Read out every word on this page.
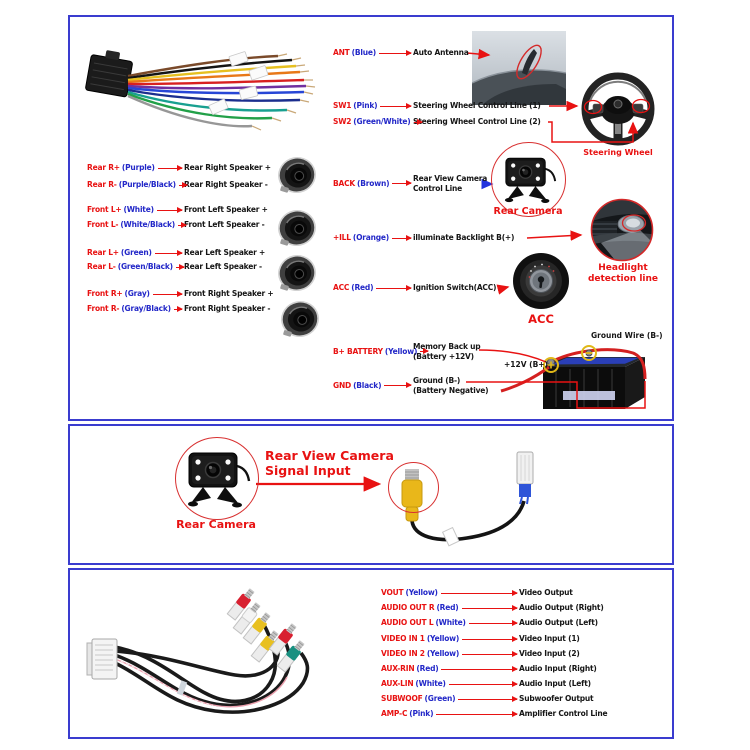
Rear R+ (Purple)	Rear Right Speaker +
Rear R- (Purple/Black) Rear Right Speaker -
Front L+ (White)	Front Left Speaker +
Front L- (White/Black) Front Left Speaker -
Rear L+ (Green)	Rear Left Speaker +
Rear L- (Green/Black) Rear Left Speaker -
Front R+ (Gray)	Front Right Speaker +
Front R- (Gray/Black) Front Right Speaker -
ANT (Blue)	Auto Antenna
SW1 (Pink)	Steering Wheel Control Line (1)
SW2 (Green/White) Steering Wheel Control Line (2)
BACK (Brown)	Rear View Camera
Control Line
+ILL (Orange)	illuminate Backlight B(+)
ACC (Red)	Ignition Switch(ACC)
B+ BATTERY (Yellow)
Memory Back up
(Battery +12V)
GND (Black)	Ground (B-)
(Battery Negative)
Steering Wheel
Rear Camera
Headlight
detection line
ACC
+12V (B+)
Ground Wire (B-)
Rear Camera
Rear View Camera
Signal Input
VOUT (Yellow)	Video Output
AUDIO OUT R (Red)	Audio Output (Right)
AUDIO OUT L (White)	Audio Output (Left)
VIDEO IN 1 (Yellow)	Video Input (1)
VIDEO IN 2 (Yellow)	Video Input (2)
AUX-RIN (Red)	Audio Input (Right)
AUX-LIN (White)	Audio Input (Left)
SUBWOOF (Green)	Subwoofer Output
AMP-C (Pink)	Amplifier Control Line
